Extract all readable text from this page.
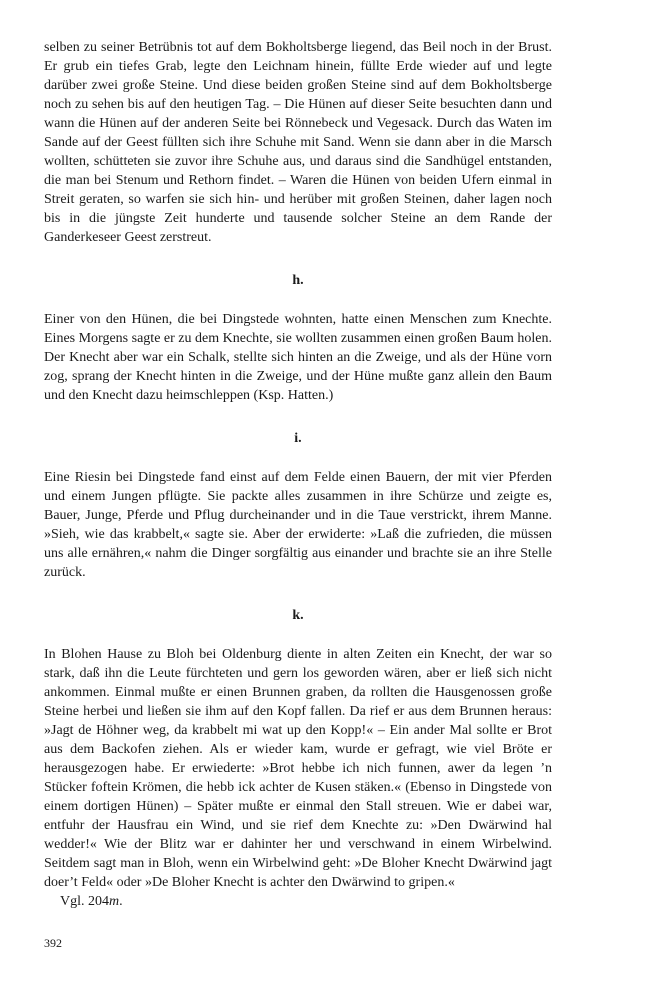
selben zu seiner Betrübnis tot auf dem Bokholtsberge liegend, das Beil noch in der Brust. Er grub ein tiefes Grab, legte den Leichnam hinein, füllte Erde wieder auf und legte darüber zwei große Steine. Und diese beiden großen Steine sind auf dem Bokholtsberge noch zu sehen bis auf den heutigen Tag. – Die Hünen auf dieser Seite besuchten dann und wann die Hünen auf der anderen Seite bei Rönnebeck und Vegesack. Durch das Waten im Sande auf der Geest füllten sich ihre Schuhe mit Sand. Wenn sie dann aber in die Marsch wollten, schütteten sie zuvor ihre Schuhe aus, und daraus sind die Sandhügel entstanden, die man bei Stenum und Rethorn findet. – Waren die Hünen von beiden Ufern einmal in Streit geraten, so warfen sie sich hin- und herüber mit großen Steinen, daher lagen noch bis in die jüngste Zeit hunderte und tausende solcher Steine an dem Rande der Ganderkeseer Geest zerstreut.

h.

Einer von den Hünen, die bei Dingstede wohnten, hatte einen Menschen zum Knechte. Eines Morgens sagte er zu dem Knechte, sie wollten zusammen einen großen Baum holen. Der Knecht aber war ein Schalk, stellte sich hinten an die Zweige, und als der Hüne vorn zog, sprang der Knecht hinten in die Zweige, und der Hüne mußte ganz allein den Baum und den Knecht dazu heimschleppen (Ksp. Hatten.)

i.

Eine Riesin bei Dingstede fand einst auf dem Felde einen Bauern, der mit vier Pferden und einem Jungen pflügte. Sie packte alles zusammen in ihre Schürze und zeigte es, Bauer, Junge, Pferde und Pflug durcheinander und in die Taue verstrickt, ihrem Manne. »Sieh, wie das krabbelt,« sagte sie. Aber der erwiderte: »Laß die zufrieden, die müssen uns alle ernähren,« nahm die Dinger sorgfältig aus einander und brachte sie an ihre Stelle zurück.

k.

In Blohen Hause zu Bloh bei Oldenburg diente in alten Zeiten ein Knecht, der war so stark, daß ihn die Leute fürchteten und gern los geworden wären, aber er ließ sich nicht ankommen. Einmal mußte er einen Brunnen graben, da rollten die Hausgenossen große Steine herbei und ließen sie ihm auf den Kopf fallen. Da rief er aus dem Brunnen heraus: »Jagt de Höhner weg, da krabbelt mi wat up den Kopp!« – Ein ander Mal sollte er Brot aus dem Backofen ziehen. Als er wieder kam, wurde er gefragt, wie viel Bröte er herausgezogen habe. Er erwiederte: »Brot hebbe ich nich funnen, awer da legen ’n Stücker foftein Krömen, die hebb ick achter de Kusen stäken.« (Ebenso in Dingstede von einem dortigen Hünen) – Später mußte er einmal den Stall streuen. Wie er dabei war, entfuhr der Hausfrau ein Wind, und sie rief dem Knechte zu: »Den Dwärwind hal wedder!« Wie der Blitz war er dahinter her und verschwand in einem Wirbelwind. Seitdem sagt man in Bloh, wenn ein Wirbelwind geht: »De Bloher Knecht Dwärwind jagt doer’t Feld« oder »De Bloher Knecht is achter den Dwärwind to gripen.«

Vgl. 204m.

392
